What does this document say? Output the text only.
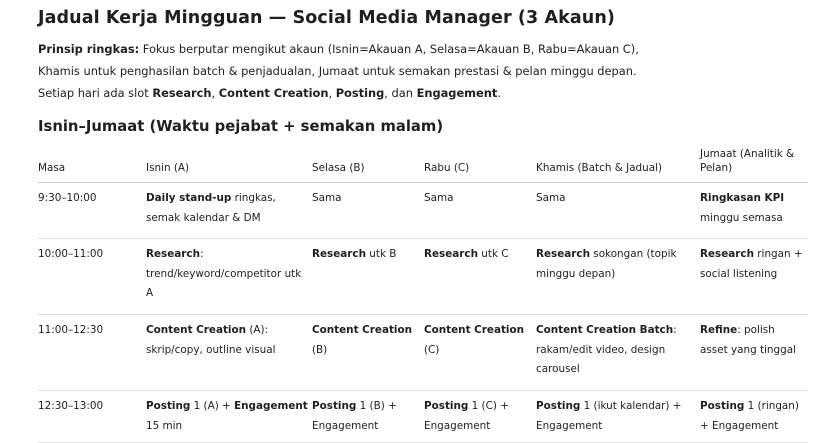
Jadual Kerja Mingguan — Social Media Manager (3 Akaun)

Prinsip ringkas: Fokus berputar mengikut akaun (Isnin=Akauan A, Selasa=Akauan B, Rabu=Akauan C),

Khamis untuk penghasilan batch & penjadualan, Jumaat untuk semakan prestasi & pelan minggu depan.

Setiap hari ada slot Research, Content Creation, Posting, dan Engagement.

Isnin–Jumaat (Waktu pejabat + semakan malam)
Masa	Isnin (A)	Selasa (B)	Rabu (C)	Khamis (Batch & Jadual)	Jumaat (Analitik & Pelan)
9:30–10:00	Daily stand-up ringkas, semak kalendar & DM	Sama	Sama	Sama	Ringkasan KPI minggu semasa
10:00–11:00	Research: trend/keyword/competitor utk A	Research utk B	Research utk C	Research sokongan (topik minggu depan)	Research ringan + social listening
11:00–12:30	Content Creation (A): skrip/copy, outline visual	Content Creation (B)	Content Creation (C)	Content Creation Batch: rakam/edit video, design carousel	Refine: polish asset yang tinggal
12:30–13:00	Posting 1 (A) + Engagement 15 min	Posting 1 (B) + Engagement	Posting 1 (C) + Engagement	Posting 1 (ikut kalendar) + Engagement	Posting 1 (ringan) + Engagement
